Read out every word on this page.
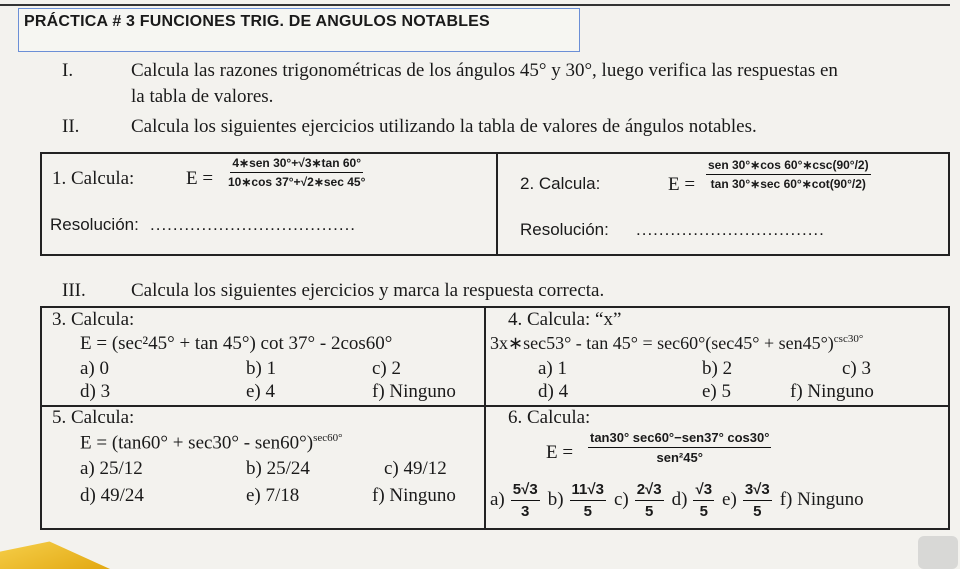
PRÁCTICA # 3 FUNCIONES TRIG. DE ANGULOS NOTABLES
I.	Calcula las razones trigonométricas de los ángulos 45° y 30°, luego verifica las respuestas en
la tabla de valores.
II.	Calcula los siguientes ejercicios utilizando la tabla de valores de ángulos notables.
1. Calcula:	$E = \frac{\text{4∗sen 30°+√3∗tan 60°}}{10∗\cos 37^\circ+√2∗\sec 45^\circ}$
Resolución: ....................................
2. Calcula:	$E = \frac{\text{sen 30°∗cos 60°∗csc(90°/2)}}{\tan 30^\circ∗\sec 60^\circ∗\cot(90^\circ/2)}$
Resolución: .................................
III. Calcula los siguientes ejercicios y marca la respuesta correcta.
3. Calcula:
E = (sec²45° + tan 45°) cot 37° - 2cos60°
a) 0	b) 1	c) 2
d) 3	e) 4	f) Ninguno
4. Calcula: “x”
3x∗sec53° - $\tan 45^\circ = \sec 60^\circ(\sec 45^\circ + sen45^\circ)^{csc30^\circ}$
a) 1	b) 2	c) 3
d) 4	e) 5	f) Ninguno
5. Calcula:
$E = (\tan 60^\circ + \sec 30^\circ - sen60^\circ)^{sec60^\circ}$
a) 25/12	b) 25/24	c) 49/12
d) 49/24	e) 7/18	f) Ninguno
6. Calcula:
$E = \frac{\text{tan30° sec60°−sen37° cos30°}}{\text{sen²45°}}$
$a) \frac{5√3}{3} b) \frac{11√3}{5} c) \frac{2√3}{5} d) \frac{√3}{5} e) \frac{3√3}{5} f$) Ninguno
